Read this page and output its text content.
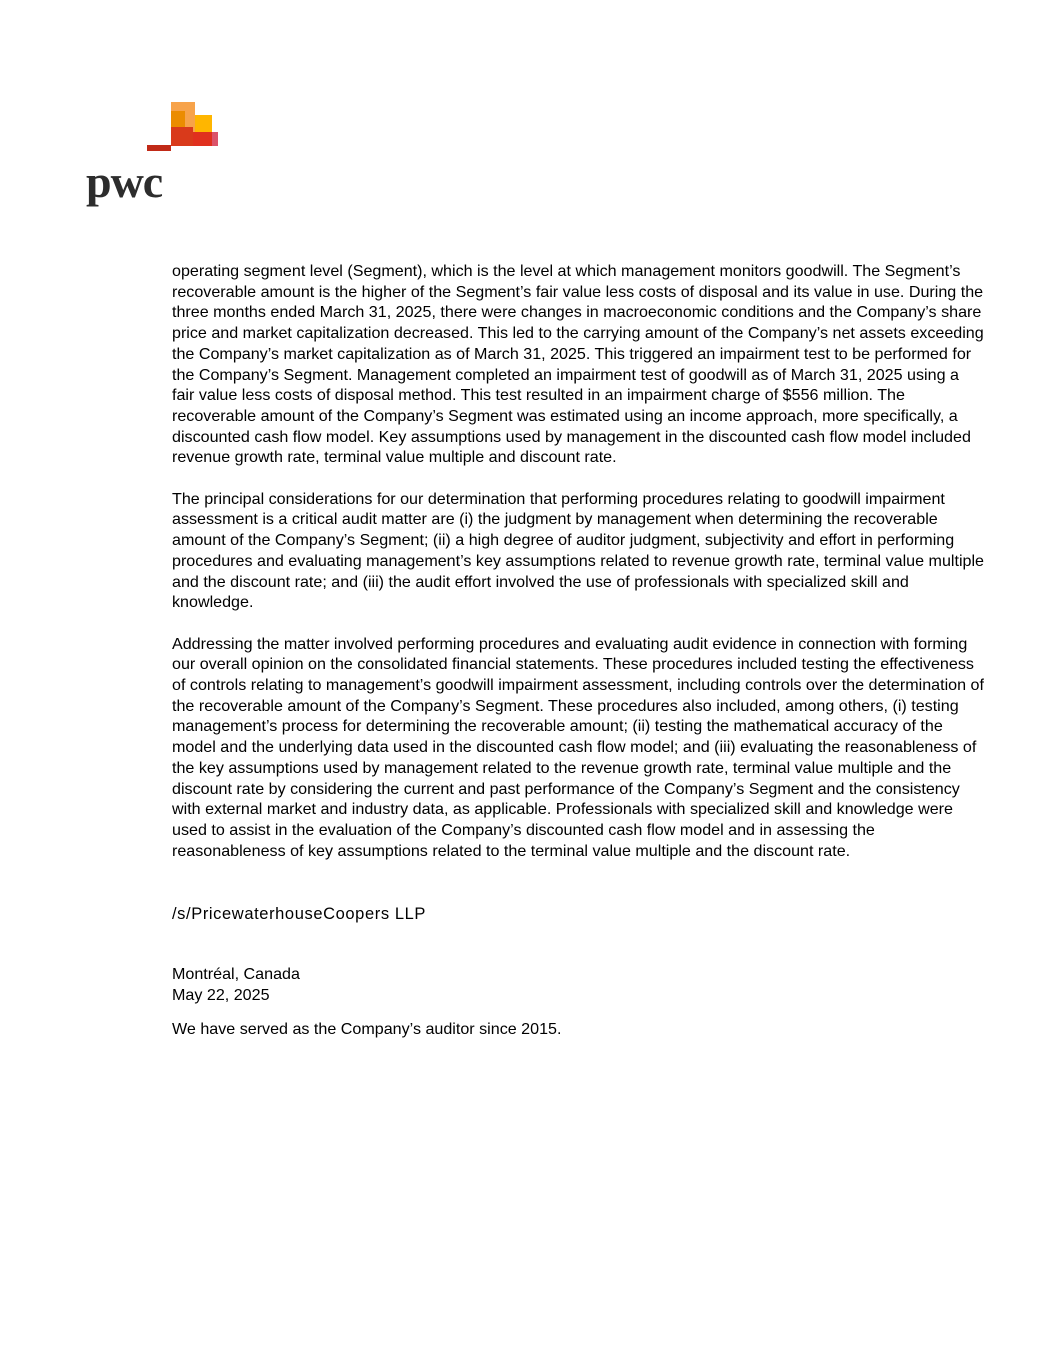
pwc

operating segment level (Segment), which is the level at which management monitors goodwill. The Segment’s recoverable amount is the higher of the Segment’s fair value less costs of disposal and its value in use. During the three months ended March 31, 2025, there were changes in macroeconomic conditions and the Company’s share price and market capitalization decreased. This led to the carrying amount of the Company’s net assets exceeding the Company’s market capitalization as of March 31, 2025. This triggered an impairment test to be performed for the Company’s Segment. Management completed an impairment test of goodwill as of March 31, 2025 using a fair value less costs of disposal method. This test resulted in an impairment charge of $556 million. The recoverable amount of the Company’s Segment was estimated using an income approach, more specifically, a discounted cash flow model. Key assumptions used by management in the discounted cash flow model included revenue growth rate, terminal value multiple and discount rate.

The principal considerations for our determination that performing procedures relating to goodwill impairment assessment is a critical audit matter are (i) the judgment by management when determining the recoverable amount of the Company’s Segment; (ii) a high degree of auditor judgment, subjectivity and effort in performing procedures and evaluating management’s key assumptions related to revenue growth rate, terminal value multiple and the discount rate; and (iii) the audit effort involved the use of professionals with specialized skill and knowledge.

Addressing the matter involved performing procedures and evaluating audit evidence in connection with forming our overall opinion on the consolidated financial statements. These procedures included testing the effectiveness of controls relating to management’s goodwill impairment assessment, including controls over the determination of the recoverable amount of the Company’s Segment. These procedures also included, among others, (i) testing management’s process for determining the recoverable amount; (ii) testing the mathematical accuracy of the model and the underlying data used in the discounted cash flow model; and (iii) evaluating the reasonableness of the key assumptions used by management related to the revenue growth rate, terminal value multiple and the discount rate by considering the current and past performance of the Company’s Segment and the consistency with external market and industry data, as applicable. Professionals with specialized skill and knowledge were used to assist in the evaluation of the Company’s discounted cash flow model and in assessing the reasonableness of key assumptions related to the terminal value multiple and the discount rate.

/s/PricewaterhouseCoopers LLP

Montréal, Canada

May 22, 2025

We have served as the Company’s auditor since 2015.
